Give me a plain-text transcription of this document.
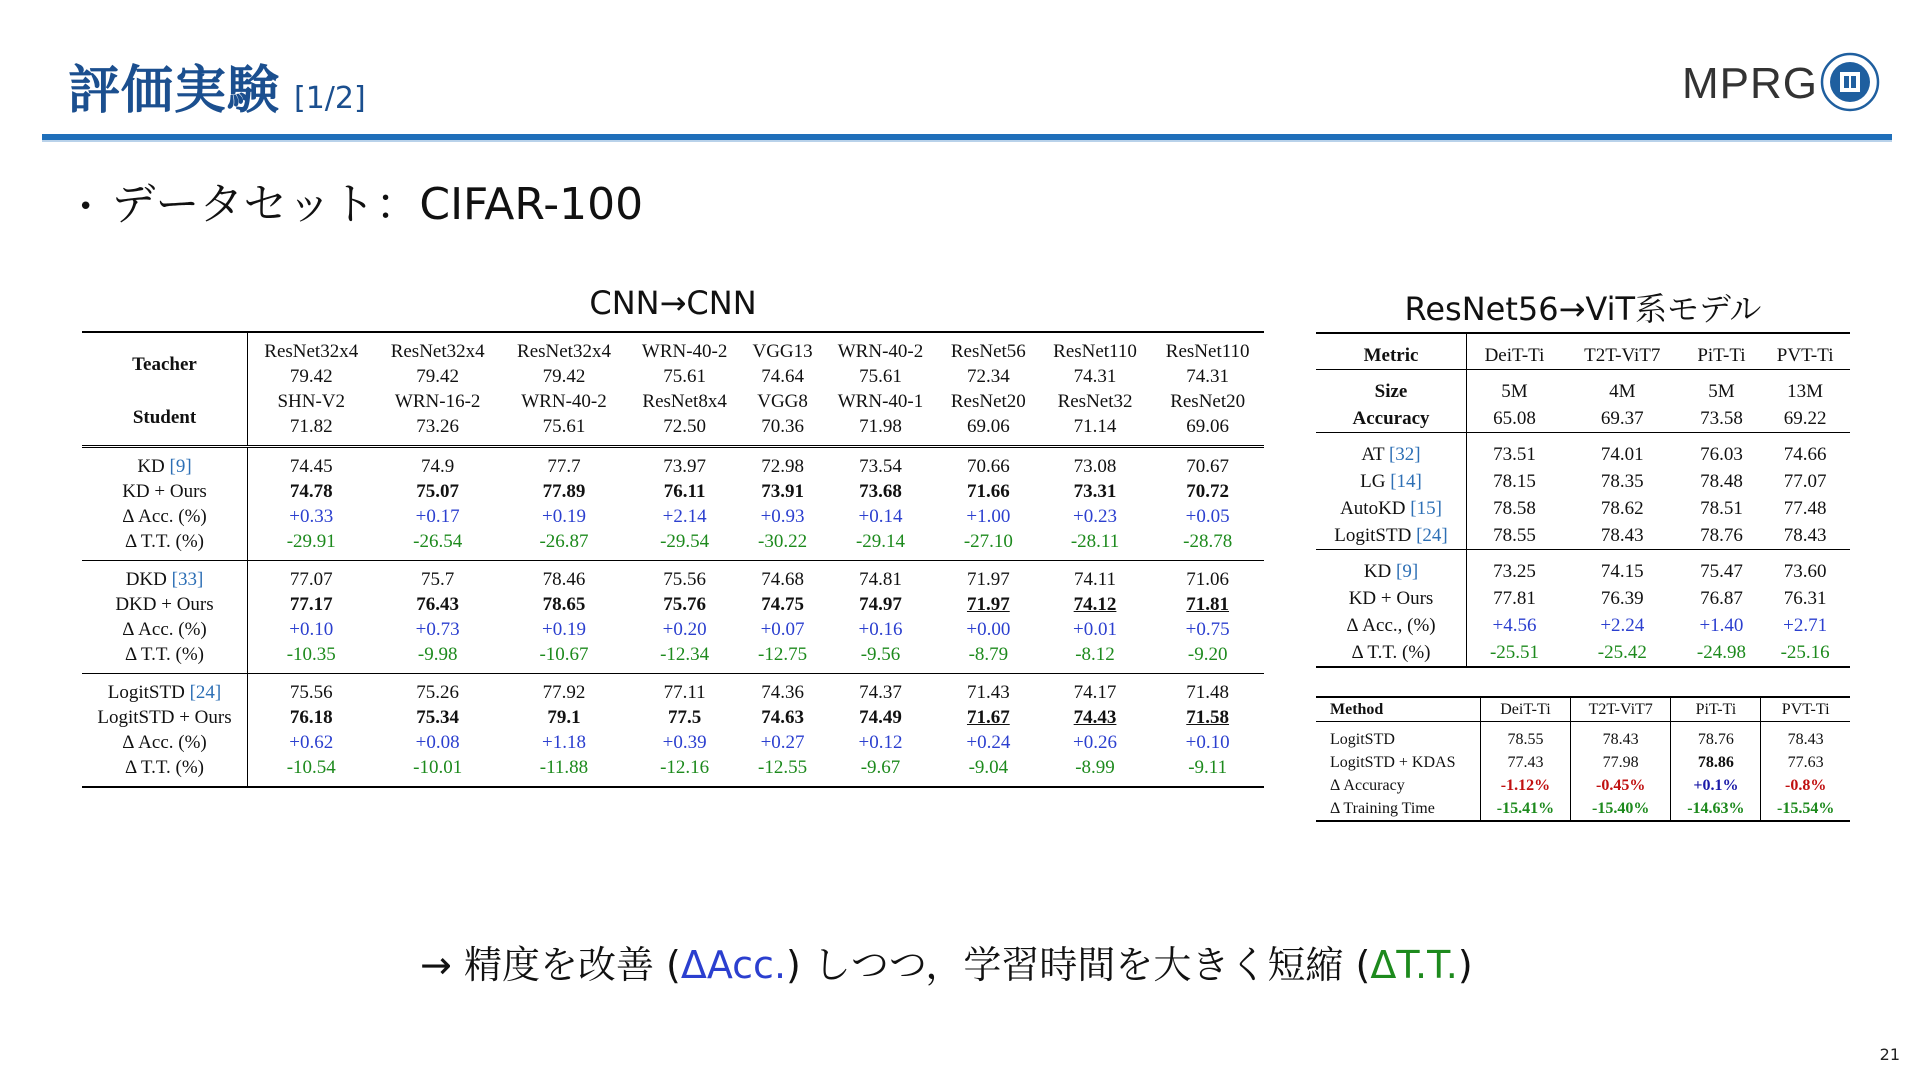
評価実験 [1/2]	MPRG
• データセット：CIFAR-100
CNN→CNN	ResNet56→ViT系モデル
Teacher	ResNet32x4	ResNet32x4	ResNet32x4	WRN-40-2	VGG13	WRN-40-2	ResNet56	ResNet110	ResNet110
	79.42	79.42	79.42	75.61	74.64	75.61	72.34	74.31	74.31
Student	SHN-V2	WRN-16-2	WRN-40-2	ResNet8x4	VGG8	WRN-40-1	ResNet20	ResNet32	ResNet20
	71.82	73.26	75.61	72.50	70.36	71.98	69.06	71.14	69.06
KD [9]	74.45	74.9	77.7	73.97	72.98	73.54	70.66	73.08	70.67
KD + Ours	74.78	75.07	77.89	76.11	73.91	73.68	71.66	73.31	70.72
Δ Acc. (%)	+0.33	+0.17	+0.19	+2.14	+0.93	+0.14	+1.00	+0.23	+0.05
Δ T.T. (%)	-29.91	-26.54	-26.87	-29.54	-30.22	-29.14	-27.10	-28.11	-28.78
DKD [33]	77.07	75.7	78.46	75.56	74.68	74.81	71.97	74.11	71.06
DKD + Ours	77.17	76.43	78.65	75.76	74.75	74.97	71.97	74.12	71.81
Δ Acc. (%)	+0.10	+0.73	+0.19	+0.20	+0.07	+0.16	+0.00	+0.01	+0.75
Δ T.T. (%)	-10.35	-9.98	-10.67	-12.34	-12.75	-9.56	-8.79	-8.12	-9.20
LogitSTD [24]	75.56	75.26	77.92	77.11	74.36	74.37	71.43	74.17	71.48
LogitSTD + Ours	76.18	75.34	79.1	77.5	74.63	74.49	71.67	74.43	71.58
Δ Acc. (%)	+0.62	+0.08	+1.18	+0.39	+0.27	+0.12	+0.24	+0.26	+0.10
Δ T.T. (%)	-10.54	-10.01	-11.88	-12.16	-12.55	-9.67	-9.04	-8.99	-9.11
Metric	DeiT-Ti	T2T-ViT7	PiT-Ti	PVT-Ti
Size	5M	4M	5M	13M
Accuracy	65.08	69.37	73.58	69.22
AT [32]	73.51	74.01	76.03	74.66
LG [14]	78.15	78.35	78.48	77.07
AutoKD [15]	78.58	78.62	78.51	77.48
LogitSTD [24]	78.55	78.43	78.76	78.43
KD [9]	73.25	74.15	75.47	73.60
KD + Ours	77.81	76.39	76.87	76.31
Δ Acc., (%)	+4.56	+2.24	+1.40	+2.71
Δ T.T. (%)	-25.51	-25.42	-24.98	-25.16
Method	DeiT-Ti	T2T-ViT7	PiT-Ti	PVT-Ti
LogitSTD	78.55	78.43	78.76	78.43
LogitSTD + KDAS	77.43	77.98	78.86	77.63
Δ Accuracy	-1.12%	-0.45%	+0.1%	-0.8%
Δ Training Time	-15.41%	-15.40%	-14.63%	-15.54%
→ 精度を改善 (ΔAcc.) しつつ，学習時間を大きく短縮 (ΔT.T.)
21
